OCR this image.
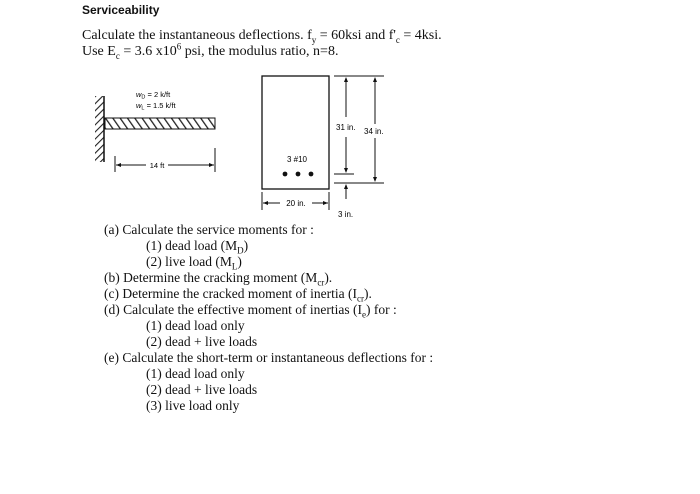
Serviceability
Calculate the instantaneous deflections. $f_y = 60ksi$ and $f'_c = 4ksi$.
Use $E_c = 3.6$ $x10^6$ psi, the modulus ratio, n=8.
$w_D = 2$ k/ft
$w_L = 1.5$ k/ft
14 ft
3 #10
20 in.
31 in. 34 in.
3 in.
(a) Calculate the service moments for :
(1) dead load $(M_D)$
(2) live load $(M_L)$
(b) Determine the cracking moment $(M_{cr})$.
(c) Determine the cracked moment of inertia $(I_{cr})$.
(d) Calculate the effective moment of inertias $(I_e)$ for :
(1) dead load only
(2) dead + live loads
(e) Calculate the short-term or instantaneous deflections for :
(1) dead load only
(2) dead + live loads
(3) live load only
